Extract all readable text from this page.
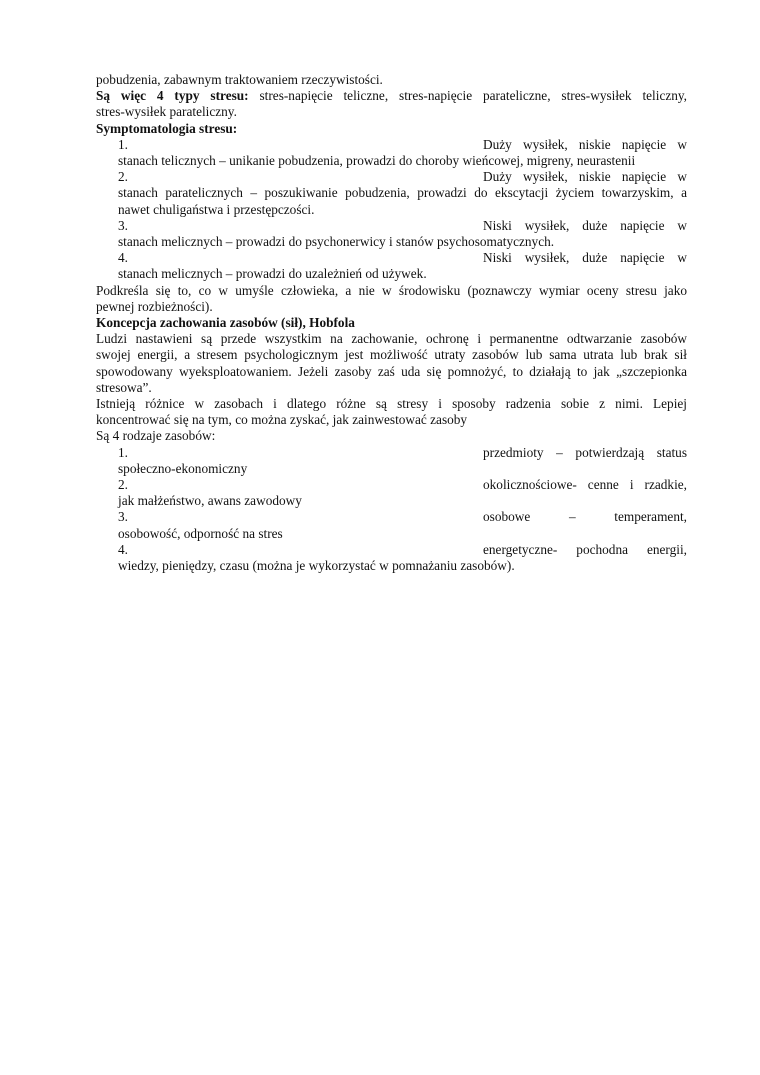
pobudzenia, zabawnym traktowaniem rzeczywistości.
Są więc 4 typy stresu: stres-napięcie teliczne, stres-napięcie parateliczne, stres-wysiłek teliczny,
stres-wysiłek parateliczny.
Symptomatologia stresu:
1.	Duży wysiłek, niskie napięcie w
stanach telicznych – unikanie pobudzenia, prowadzi do choroby wieńcowej, migreny, neurastenii
2.	Duży wysiłek, niskie napięcie w
stanach paratelicznych – poszukiwanie pobudzenia, prowadzi do ekscytacji życiem towarzyskim, a
nawet chuligaństwa i przestępczości.
3.	Niski wysiłek, duże napięcie w
stanach melicznych – prowadzi do psychonerwicy i stanów psychosomatycznych.
4.	Niski wysiłek, duże napięcie w
stanach melicznych – prowadzi do uzależnień od używek.
Podkreśla się to, co w umyśle człowieka, a nie w środowisku (poznawczy wymiar oceny stresu jako
pewnej rozbieżności).
Koncepcja zachowania zasobów (sił), Hobfola
Ludzi nastawieni są przede wszystkim na zachowanie, ochronę i permanentne odtwarzanie zasobów
swojej energii, a stresem psychologicznym jest możliwość utraty zasobów lub sama utrata lub brak sił
spowodowany wyeksploatowaniem. Jeżeli zasoby zaś uda się pomnożyć, to działają to jak „szczepionka
stresowa”.
Istnieją różnice w zasobach i dlatego różne są stresy i sposoby radzenia sobie z nimi. Lepiej
koncentrować się na tym, co można zyskać, jak zainwestować zasoby
Są 4 rodzaje zasobów:
1.	przedmioty – potwierdzają status
społeczno-ekonomiczny
2.	okolicznościowe- cenne i rzadkie,
jak małżeństwo, awans zawodowy
3.	osobowe – temperament,
osobowość, odporność na stres
4.	energetyczne- pochodna energii,
wiedzy, pieniędzy, czasu (można je wykorzystać w pomnażaniu zasobów).
